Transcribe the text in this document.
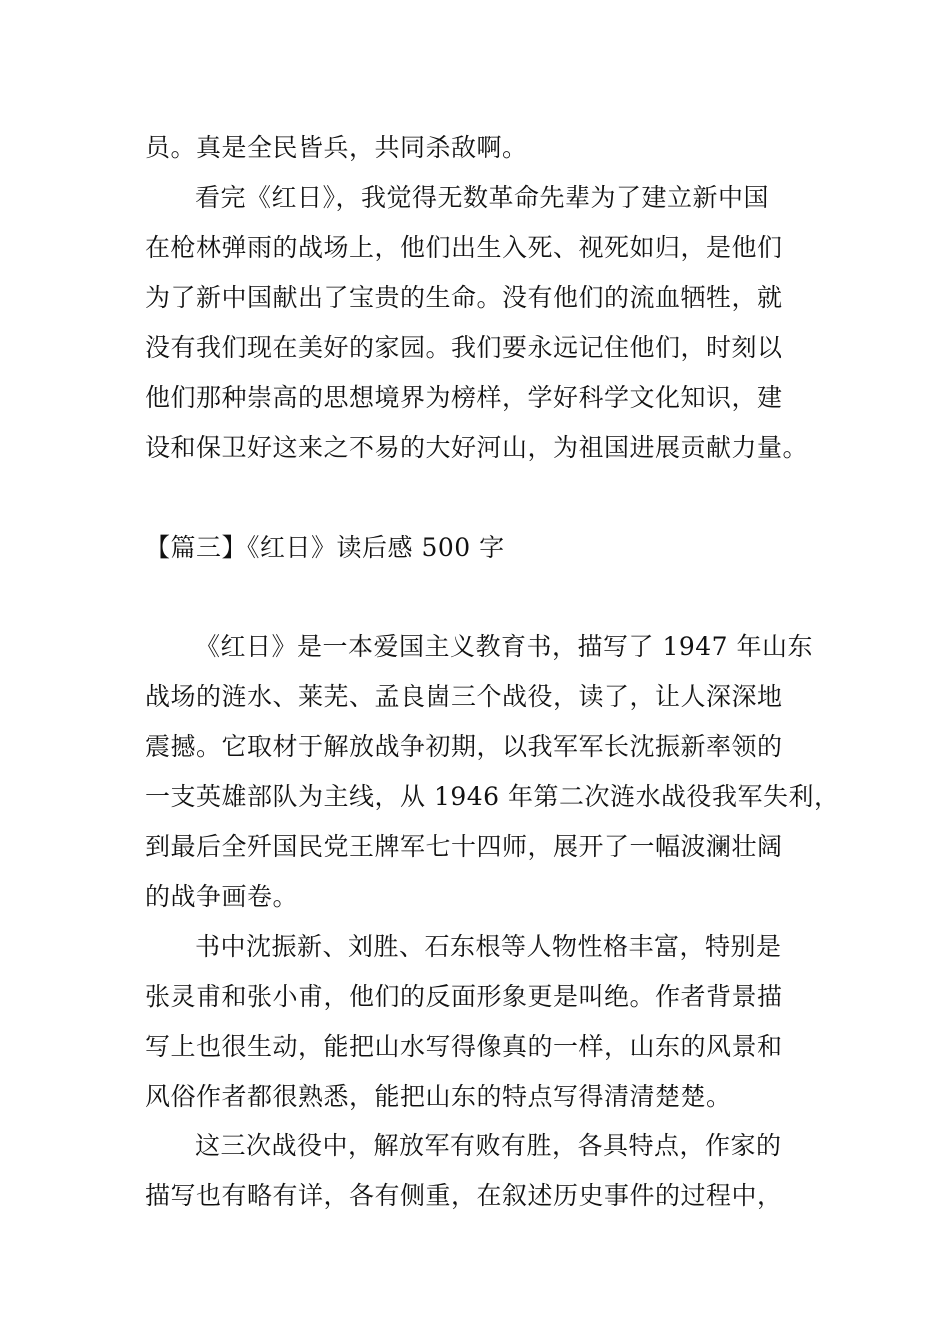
员。真是全民皆兵，共同杀敌啊。
看完《红日》，我觉得无数革命先辈为了建立新中国
在枪林弹雨的战场上，他们出生入死、视死如归，是他们
为了新中国献出了宝贵的生命。没有他们的流血牺牲，就
没有我们现在美好的家园。我们要永远记住他们，时刻以
他们那种崇高的思想境界为榜样，学好科学文化知识，建
设和保卫好这来之不易的大好河山，为祖国进展贡献力量。
【篇三】《红日》读后感 500 字
《红日》是一本爱国主义教育书，描写了 1947 年山东
战场的涟水、莱芜、孟良崮三个战役，读了，让人深深地
震撼。它取材于解放战争初期，以我军军长沈振新率领的
一支英雄部队为主线，从 1946 年第二次涟水战役我军失利，
到最后全歼国民党王牌军七十四师，展开了一幅波澜壮阔
的战争画卷。
书中沈振新、刘胜、石东根等人物性格丰富，特别是
张灵甫和张小甫，他们的反面形象更是叫绝。作者背景描
写上也很生动，能把山水写得像真的一样，山东的风景和
风俗作者都很熟悉，能把山东的特点写得清清楚楚。
这三次战役中，解放军有败有胜，各具特点，作家的
描写也有略有详，各有侧重，在叙述历史事件的过程中，
